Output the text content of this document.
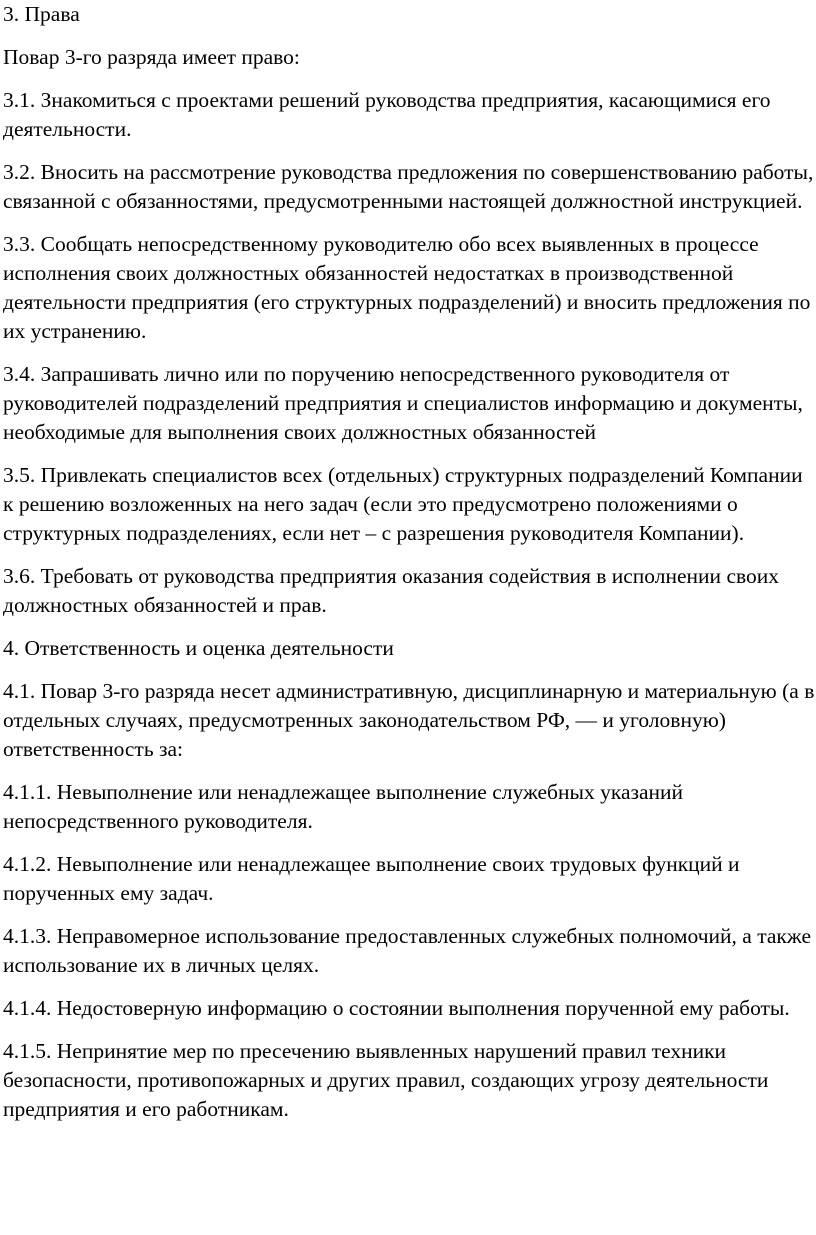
3. Права

Повар 3-го разряда имеет право:

3.1. Знакомиться с проектами решений руководства предприятия, касающимися его деятельности.

3.2. Вносить на рассмотрение руководства предложения по совершенствованию работы, связанной с обязанностями, предусмотренными настоящей должностной инструкцией.

3.3. Сообщать непосредственному руководителю обо всех выявленных в процессе исполнения своих должностных обязанностей недостатках в производственной деятельности предприятия (его структурных подразделений) и вносить предложения по их устранению.

3.4. Запрашивать лично или по поручению непосредственного руководителя от руководителей подразделений предприятия и специалистов информацию и документы, необходимые для выполнения своих должностных обязанностей

3.5. Привлекать специалистов всех (отдельных) структурных подразделений Компании к решению возложенных на него задач (если это предусмотрено положениями о структурных подразделениях, если нет – с разрешения руководителя Компании).

3.6. Требовать от руководства предприятия оказания содействия в исполнении своих должностных обязанностей и прав.

4. Ответственность и оценка деятельности

4.1. Повар 3-го разряда несет административную, дисциплинарную и материальную (а в отдельных случаях, предусмотренных законодательством РФ, — и уголовную) ответственность за:

4.1.1. Невыполнение или ненадлежащее выполнение служебных указаний непосредственного руководителя.

4.1.2. Невыполнение или ненадлежащее выполнение своих трудовых функций и порученных ему задач.

4.1.3. Неправомерное использование предоставленных служебных полномочий, а также использование их в личных целях.

4.1.4. Недостоверную информацию о состоянии выполнения порученной ему работы.

4.1.5. Непринятие мер по пресечению выявленных нарушений правил техники безопасности, противопожарных и других правил, создающих угрозу деятельности предприятия и его работникам.
